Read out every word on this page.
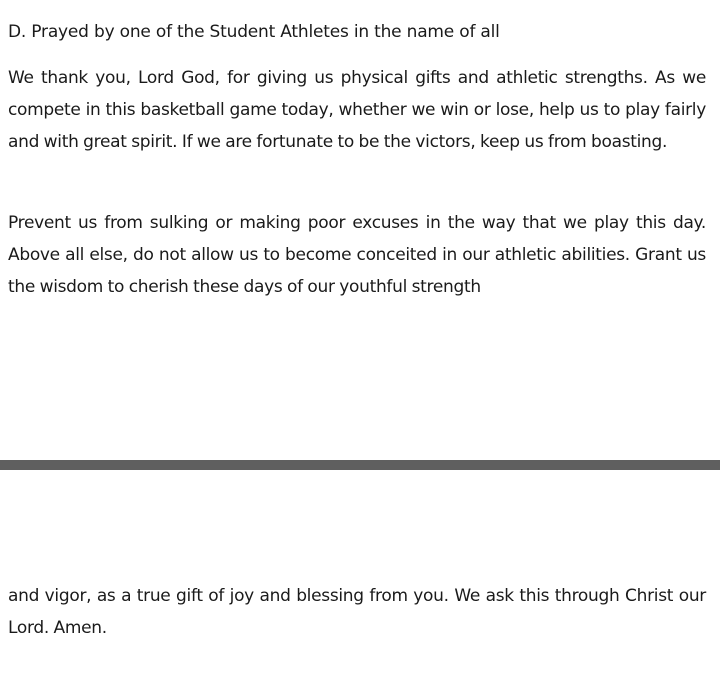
D. Prayed by one of the Student Athletes in the name of all
We thank you, Lord God, for giving us physical gifts and athletic strengths. As we compete in this basketball game today, whether we win or lose, help us to play fairly and with great spirit. If we are fortunate to be the victors, keep us from boasting.
Prevent us from sulking or making poor excuses in the way that we play this day. Above all else, do not allow us to become conceited in our athletic abilities. Grant us the wisdom to cherish these days of our youthful strength
and vigor, as a true gift of joy and blessing from you. We ask this through Christ our Lord. Amen.
